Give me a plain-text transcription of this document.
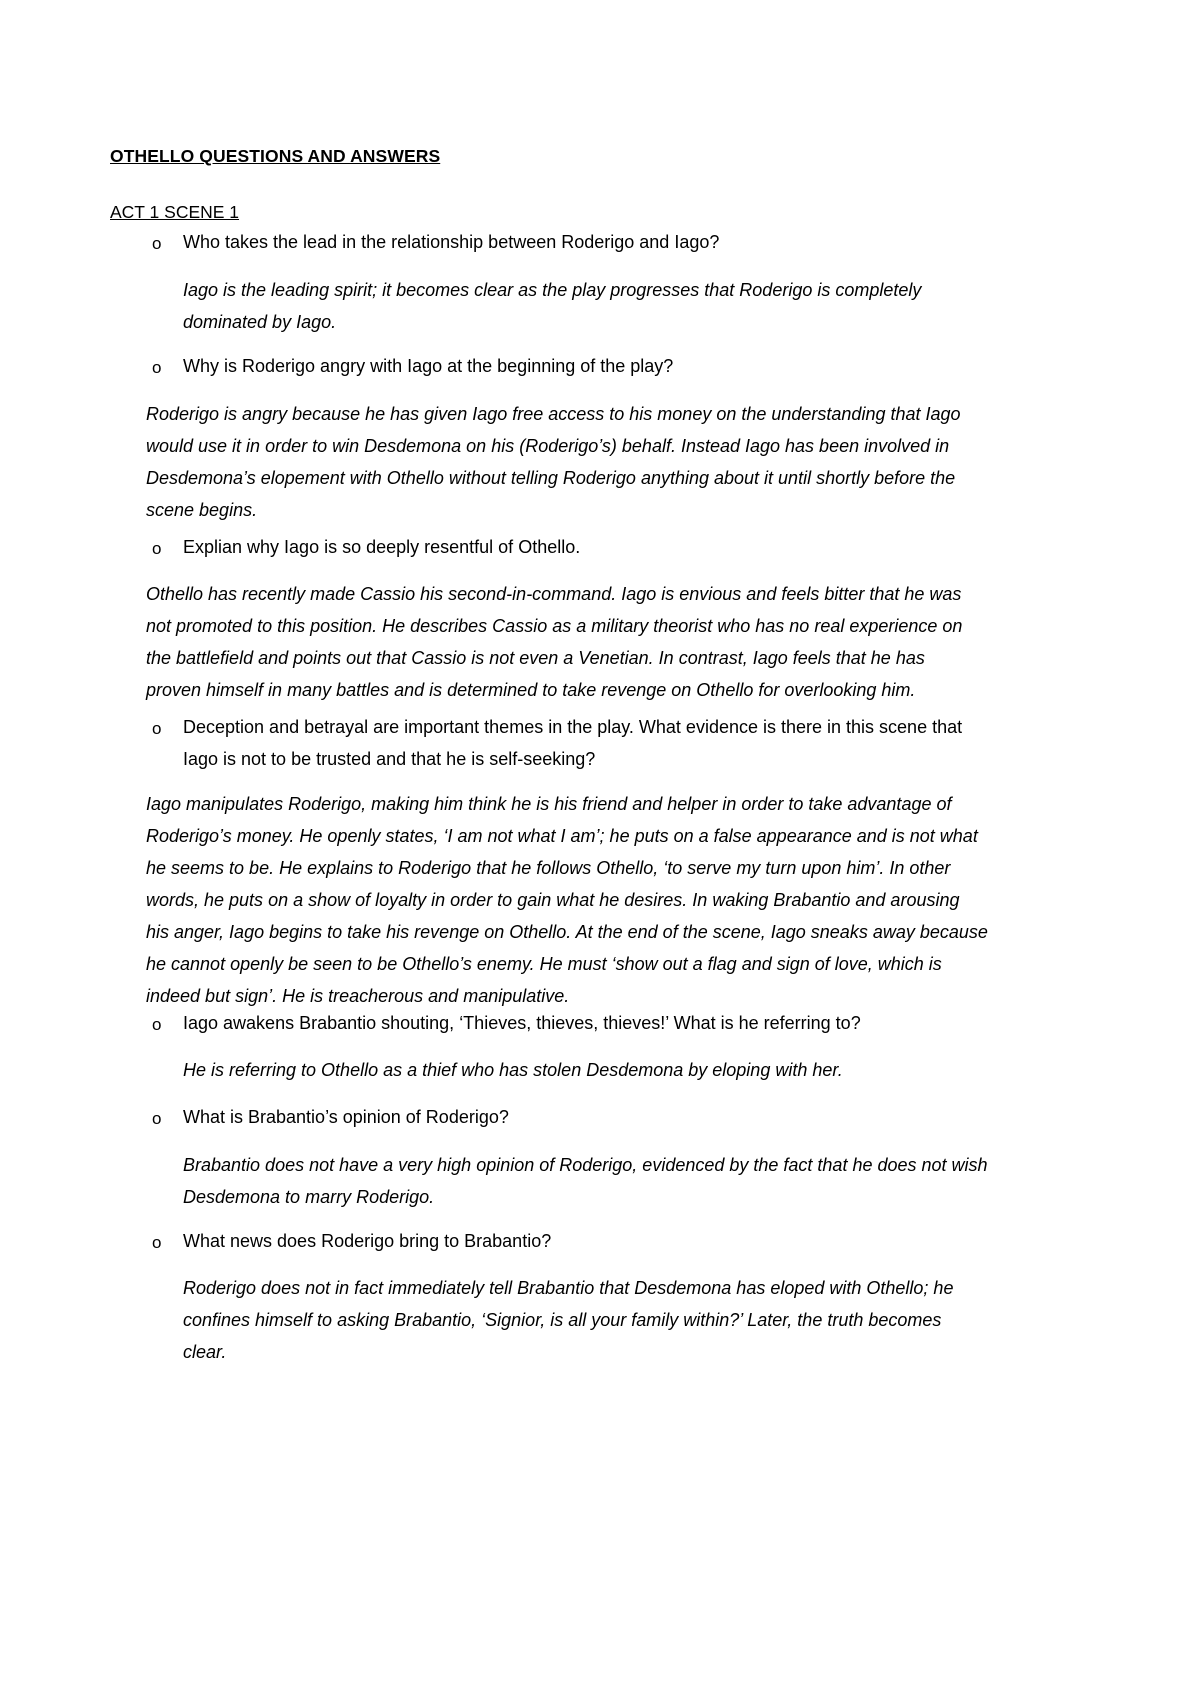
OTHELLO QUESTIONS AND ANSWERS
ACT 1 SCENE 1
o Who takes the lead in the relationship between Roderigo and Iago?

Iago is the leading spirit; it becomes clear as the play progresses that Roderigo is completely

dominated by Iago.

o Why is Roderigo angry with Iago at the beginning of the play?

Roderigo is angry because he has given Iago free access to his money on the understanding that Iago

would use it in order to win Desdemona on his (Roderigo’s) behalf. Instead Iago has been involved in

Desdemona’s elopement with Othello without telling Roderigo anything about it until shortly before the

scene begins.

o Explian why Iago is so deeply resentful of Othello.

Othello has recently made Cassio his second-in-command. Iago is envious and feels bitter that he was

not promoted to this position. He describes Cassio as a military theorist who has no real experience on

the battlefield and points out that Cassio is not even a Venetian. In contrast, Iago feels that he has

proven himself in many battles and is determined to take revenge on Othello for overlooking him.

o Deception and betrayal are important themes in the play. What evidence is there in this scene that

Iago is not to be trusted and that he is self-seeking?

Iago manipulates Roderigo, making him think he is his friend and helper in order to take advantage of

Roderigo’s money. He openly states, ‘I am not what I am’; he puts on a false appearance and is not what

he seems to be. He explains to Roderigo that he follows Othello, ‘to serve my turn upon him’. In other

words, he puts on a show of loyalty in order to gain what he desires. In waking Brabantio and arousing

his anger, Iago begins to take his revenge on Othello. At the end of the scene, Iago sneaks away because

he cannot openly be seen to be Othello’s enemy. He must ‘show out a flag and sign of love, which is

indeed but sign’. He is treacherous and manipulative.

o Iago awakens Brabantio shouting, ‘Thieves, thieves, thieves!’ What is he referring to?

He is referring to Othello as a thief who has stolen Desdemona by eloping with her.

o What is Brabantio’s opinion of Roderigo?

Brabantio does not have a very high opinion of Roderigo, evidenced by the fact that he does not wish

Desdemona to marry Roderigo.

o What news does Roderigo bring to Brabantio?

Roderigo does not in fact immediately tell Brabantio that Desdemona has eloped with Othello; he

confines himself to asking Brabantio, ‘Signior, is all your family within?’ Later, the truth becomes

clear.
